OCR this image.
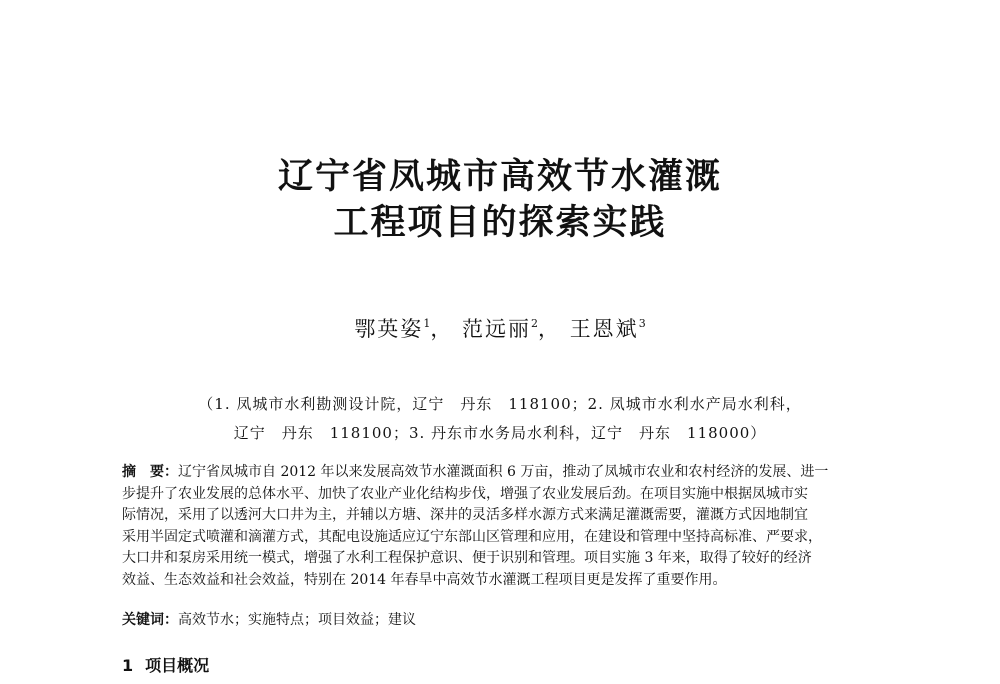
辽宁省凤城市高效节水灌溉
工程项目的探索实践
鄂英姿$^1$， 范远丽$^2$， 王恩斌$^3$
（1. 凤城市水利勘测设计院，辽宁　丹东　118100；2. 凤城市水利水产局水利科，
辽宁　丹东　118100；3. 丹东市水务局水利科，辽宁　丹东　118000）
摘　要：辽宁省凤城市自 2012 年以来发展高效节水灌溉面积 6 万亩，推动了凤城市农业和农村经济的发展、进一
步提升了农业发展的总体水平、加快了农业产业化结构步伐，增强了农业发展后劲。在项目实施中根据凤城市实
际情况，采用了以透河大口井为主，并辅以方塘、深井的灵活多样水源方式来满足灌溉需要，灌溉方式因地制宜
采用半固定式喷灌和滴灌方式，其配电设施适应辽宁东部山区管理和应用，在建设和管理中坚持高标准、严要求，
大口井和泵房采用统一模式，增强了水利工程保护意识、便于识别和管理。项目实施 3 年来，取得了较好的经济
效益、生态效益和社会效益，特别在 2014 年春旱中高效节水灌溉工程项目更是发挥了重要作用。
关键词：高效节水；实施特点；项目效益；建议
1 项目概况
